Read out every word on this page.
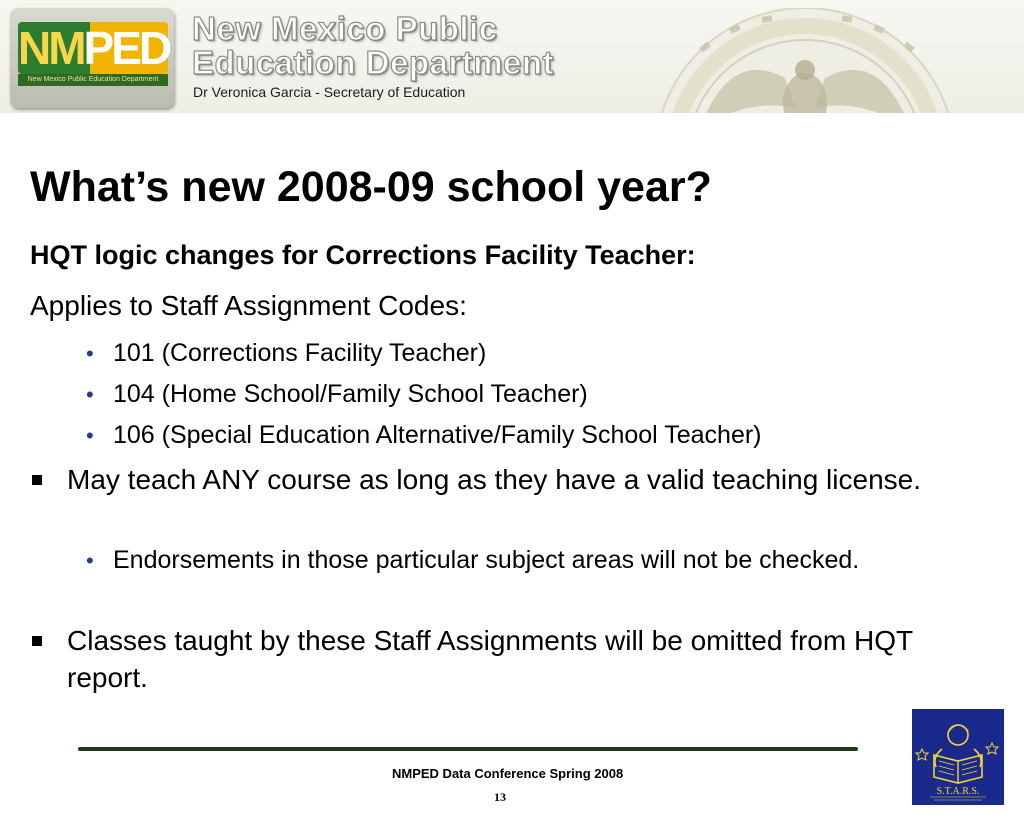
NMPED
New Mexico Public Education Department
New Mexico Public
Education Department
Dr Veronica Garcia - Secretary of Education
What’s new 2008-09 school year?
HQT logic changes for Corrections Facility Teacher:
Applies to Staff Assignment Codes:
• 101 (Corrections Facility Teacher)
• 104 (Home School/Family School Teacher)
• 106 (Special Education Alternative/Family School Teacher)
May teach ANY course as long as they have a valid teaching license.
• Endorsements in those particular subject areas will not be checked.
Classes taught by these Staff Assignments will be omitted from HQT report.
NMPED Data Conference Spring 2008
13	S.T.A.R.S.
